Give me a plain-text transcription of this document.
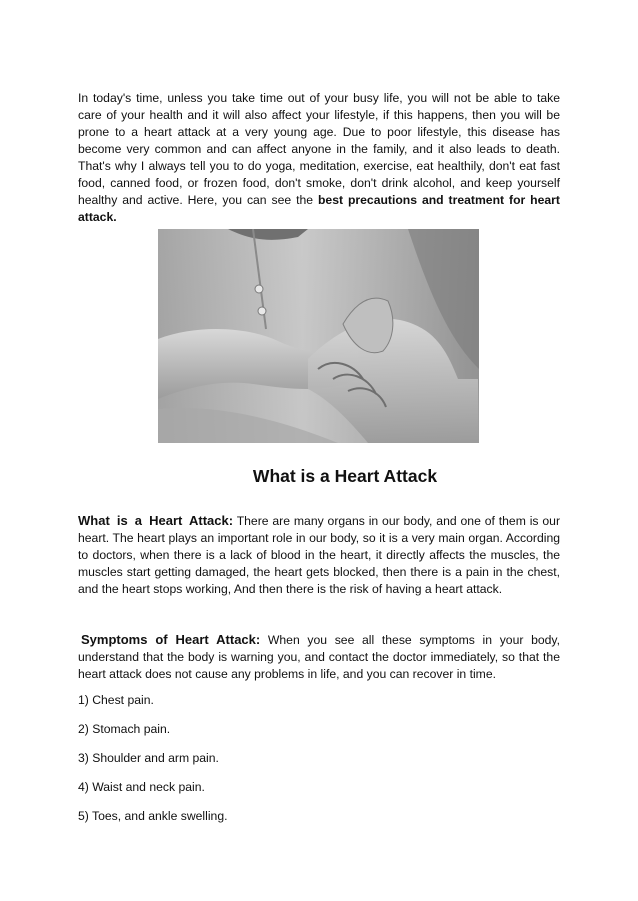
In today's time, unless you take time out of your busy life, you will not be able to take care of your health and it will also affect your lifestyle, if this happens, then you will be prone to a heart attack at a very young age. Due to poor lifestyle, this disease has become very common and can affect anyone in the family, and it also leads to death. That's why I always tell you to do yoga, meditation, exercise, eat healthily, don't eat fast food, canned food, or frozen food, don't smoke, don't drink alcohol, and keep yourself healthy and active. Here, you can see the best precautions and treatment for heart attack.

What is a Heart Attack

What is a Heart Attack: There are many organs in our body, and one of them is our heart. The heart plays an important role in our body, so it is a very main organ. According to doctors, when there is a lack of blood in the heart, it directly affects the muscles, the muscles start getting damaged, the heart gets blocked, then there is a pain in the chest, and the heart stops working, And then there is the risk of having a heart attack.

Symptoms of Heart Attack: When you see all these symptoms in your body, understand that the body is warning you, and contact the doctor immediately, so that the heart attack does not cause any problems in life, and you can recover in time.

1) Chest pain.
2) Stomach pain.
3) Shoulder and arm pain.
4) Waist and neck pain.
5) Toes, and ankle swelling.
